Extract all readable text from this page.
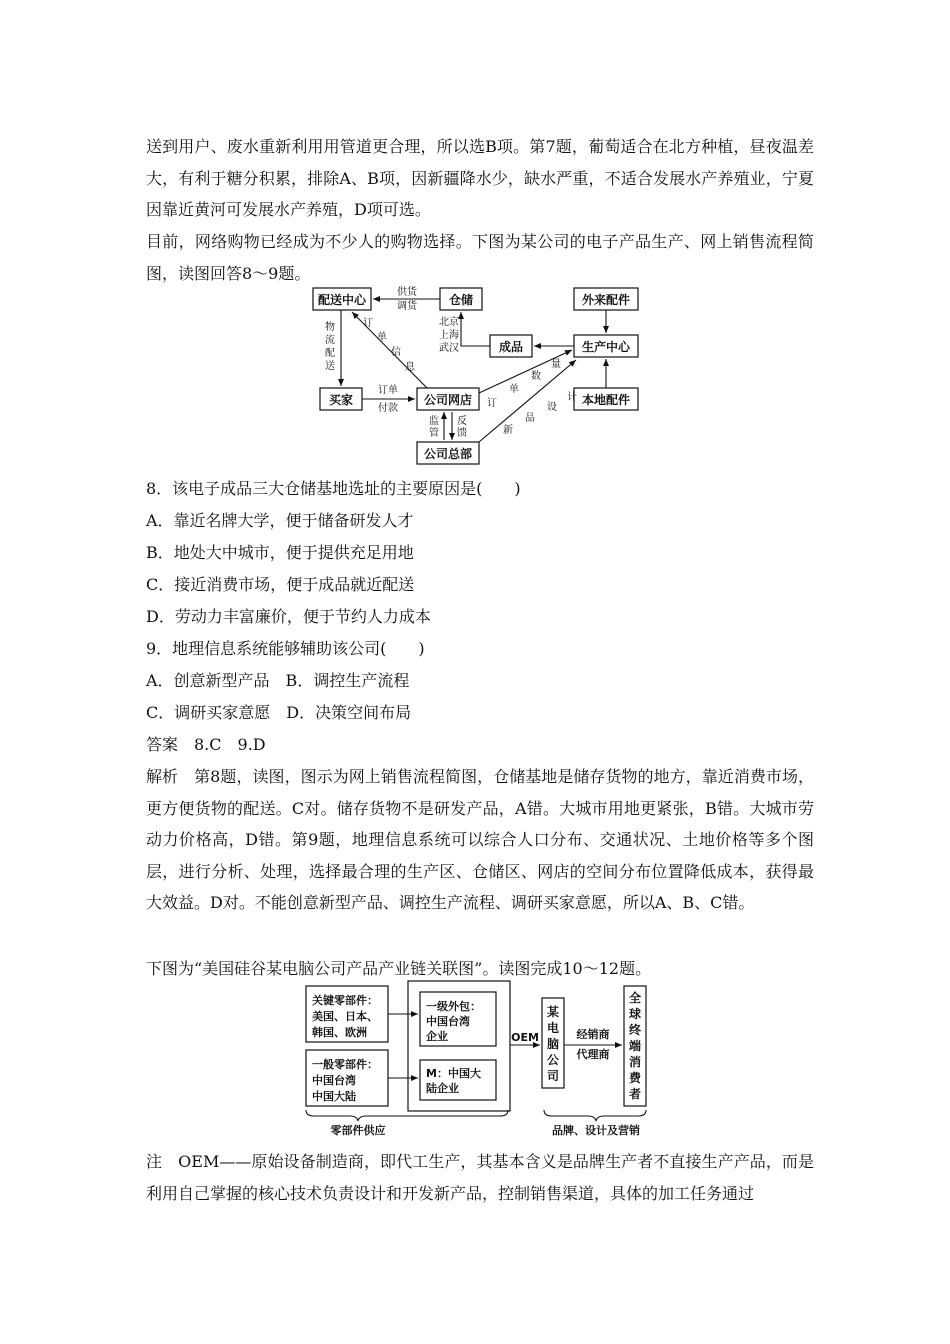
送到用户、废水重新利用用管道更合理，所以选B项。第7题，葡萄适合在北方种植，昼夜温差大，有利于糖分积累，排除A、B项，因新疆降水少，缺水严重，不适合发展水产养殖业，宁夏因靠近黄河可发展水产养殖，D项可选。

目前，网络购物已经成为不少人的购物选择。下图为某公司的电子产品生产、网上销售流程简图，读图回答8～9题。

配送中心	仓储	外来配件
成品	生产中心
买家	公司网店	本地配件
公司总部
供货
调货
北京
上海
武汉
物
流
配
送
订单
付款
订
单
信
息
订
单
数
量
计
设
品
新
监
管
反
馈
8．该电子成品三大仓储基地选址的主要原因是(　　)
A．靠近名牌大学，便于储备研发人才
B．地处大中城市，便于提供充足用地
C．接近消费市场，便于成品就近配送
D．劳动力丰富廉价，便于节约人力成本
9．地理信息系统能够辅助该公司(　　)
A．创意新型产品　B．调控生产流程
C．调研买家意愿　D．决策空间布局
答案　8.C　9.D

解析　第8题，读图，图示为网上销售流程简图，仓储基地是储存货物的地方，靠近消费市场，更方便货物的配送。C对。储存货物不是研发产品，A错。大城市用地更紧张，B错。大城市劳动力价格高，D错。第9题，地理信息系统可以综合人口分布、交通状况、土地价格等多个图层，进行分析、处理，选择最合理的生产区、仓储区、网店的空间分布位置降低成本，获得最大效益。D对。不能创意新型产品、调控生产流程、调研买家意愿，所以A、B、C错。

下图为“美国硅谷某电脑公司产品产业链关联图”。读图完成10～12题。

关键零部件：
美国、日本、
韩国、欧洲
一般零部件：
中国台湾
中国大陆
一级外包：
中国台湾
企业
M：中国大
陆企业
OEM
某
电
脑
公
司
经销商
代理商
全
球
终
端
消
费
者
零部件供应	品牌、设计及营销

注　OEM——原始设备制造商，即代工生产，其基本含义是品牌生产者不直接生产产品，而是利用自己掌握的核心技术负责设计和开发新产品，控制销售渠道，具体的加工任务通过
